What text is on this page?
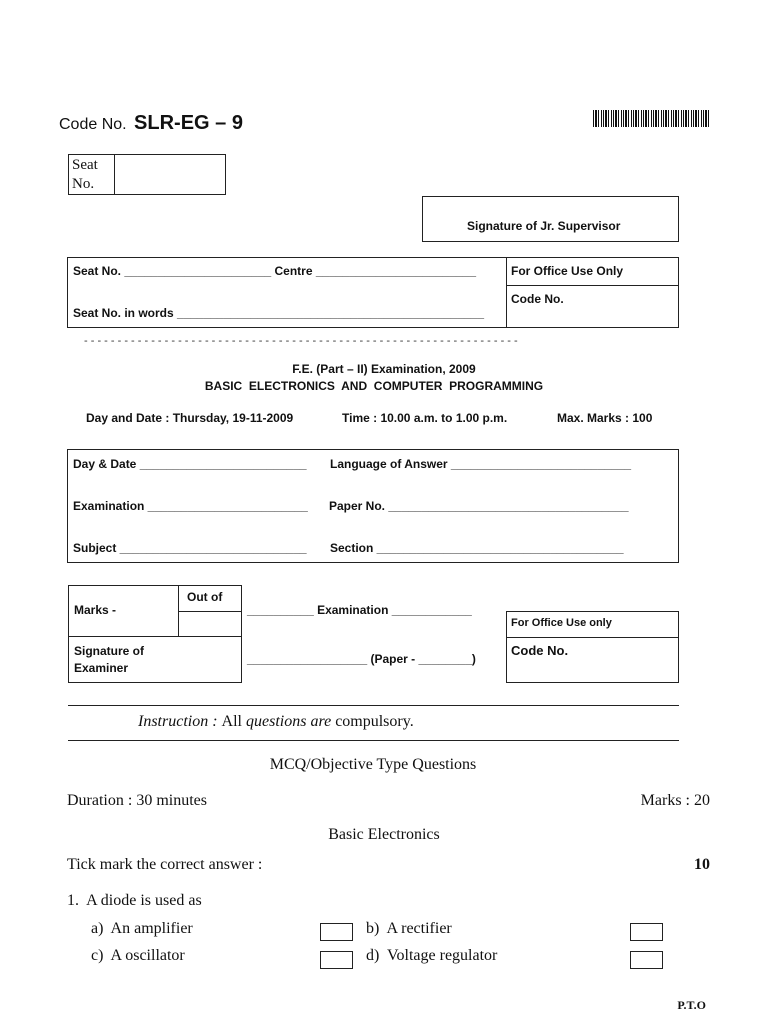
Code No. SLR-EG – 9
Seat
No.
Signature of Jr. Supervisor
Seat No. ______________________ Centre ________________________
Seat No. in words ______________________________________________
For Office Use Only
Code No.
- - - - - - - - - - - - - - - - - - - - - - - - - - - - - - - - - - - - - - - - - - - - - - - - - - - - - - - - - - - - - - - - -
F.E. (Part – II) Examination, 2009
BASIC  ELECTRONICS  AND  COMPUTER  PROGRAMMING
Day and Date : Thursday, 19-11-2009	Time : 10.00 a.m. to 1.00 p.m.	Max. Marks : 100
Day & Date _________________________ Language of Answer ___________________________
Examination ________________________ Paper No. ____________________________________
Subject ____________________________ Section _____________________________________
Out of
Marks -
Signature of
Examiner
__________ Examination ____________
__________________ (Paper - ________)
For Office Use only
Code No.
Instruction : All questions are compulsory.
MCQ/Objective Type Questions
Duration : 30 minutes	Marks : 20
Basic Electronics
Tick mark the correct answer :	10
1.  A diode is used as
a)  An amplifier	b)  A rectifier
c)  A oscillator	d)  Voltage regulator
P.T.O
